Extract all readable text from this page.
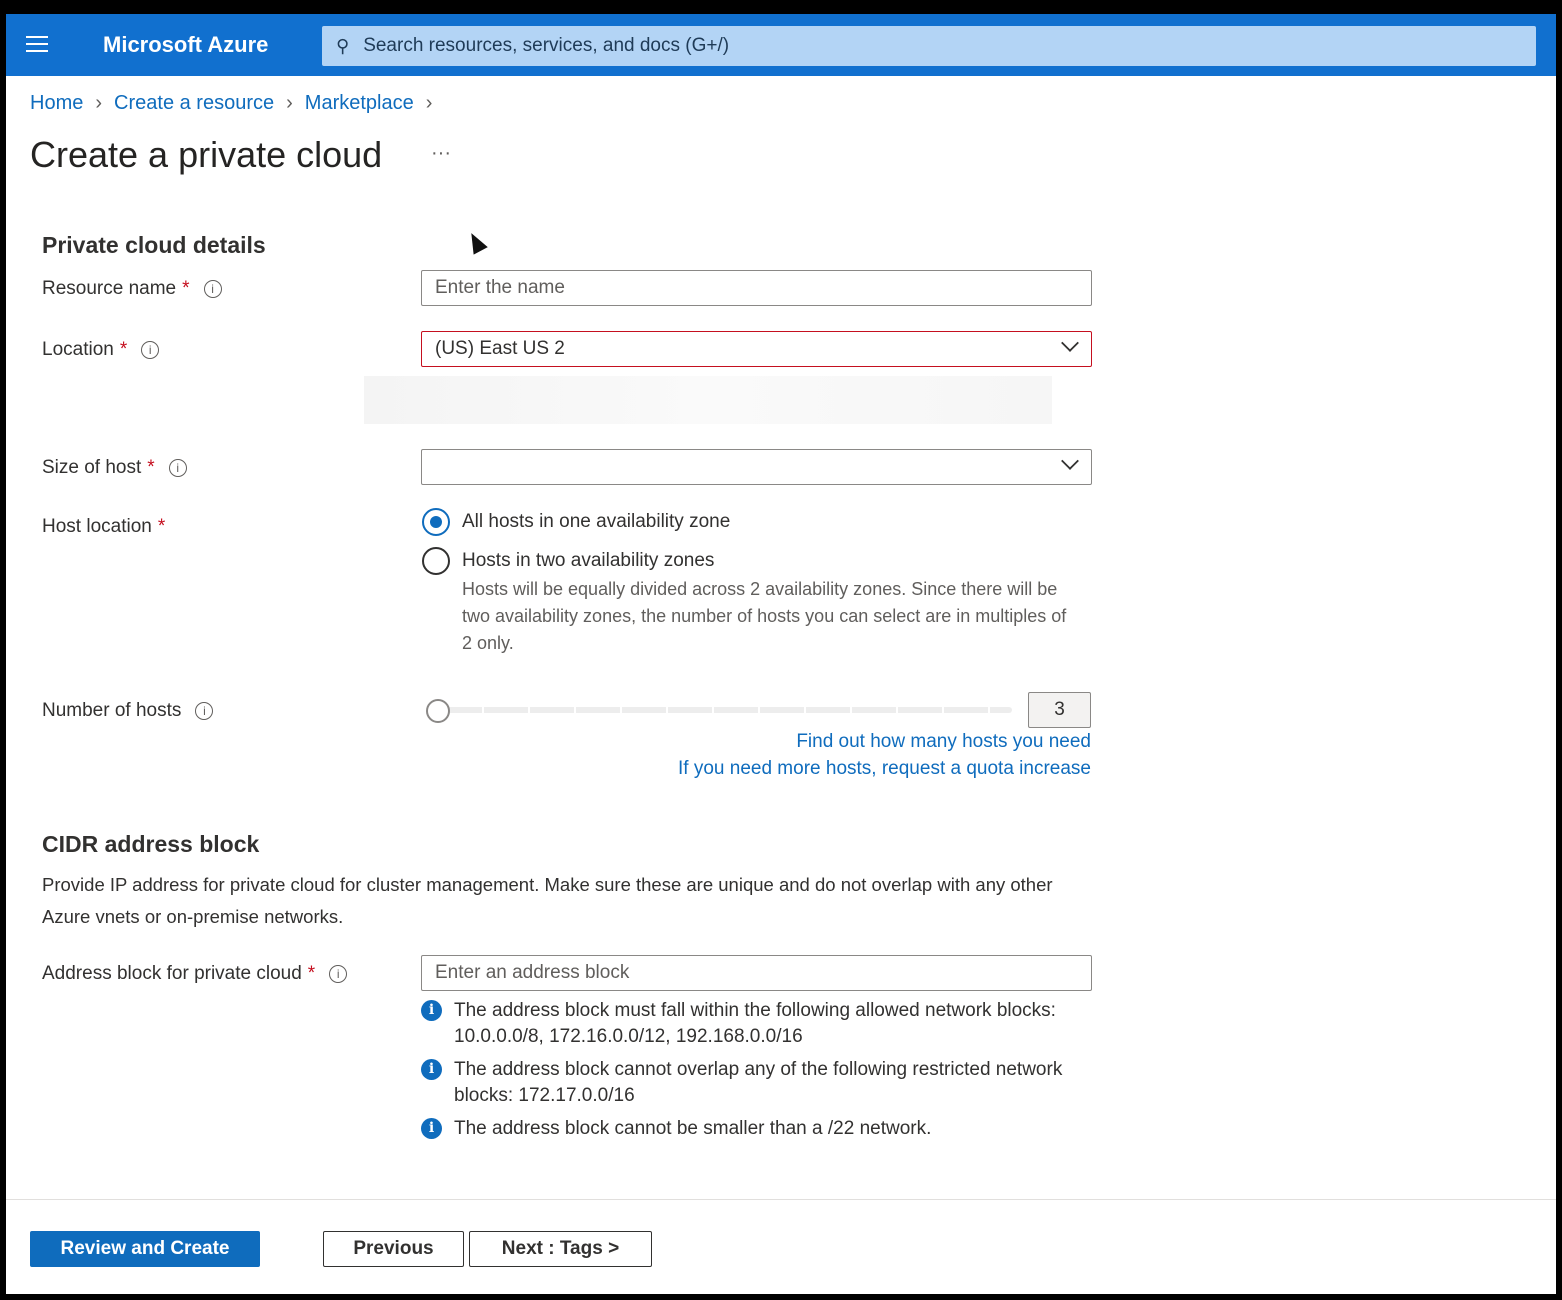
Microsoft Azure	⚲ Search resources, services, and docs (G+/)
Home › Create a resource › Marketplace ›
Create a private cloud ···
Private cloud details
Resource name * i	Enter the name
Location * i	(US) East US 2
Size of host * i
Host location *	All hosts in one availability zone
Hosts in two availability zones
Hosts will be equally divided across 2 availability zones. Since there will be two availability zones, the number of hosts you can select are in multiples of 2 only.
Number of hosts i	3
Find out how many hosts you need
If you need more hosts, request a quota increase
CIDR address block
Provide IP address for private cloud for cluster management. Make sure these are unique and do not overlap with any other Azure vnets or on-premise networks.
Address block for private cloud * i	Enter an address block
i	The address block must fall within the following allowed network blocks: 10.0.0.0/8, 172.16.0.0/12, 192.168.0.0/16
i	The address block cannot overlap any of the following restricted network blocks: 172.17.0.0/16
i	The address block cannot be smaller than a /22 network.
Review and Create	Previous	Next : Tags >
